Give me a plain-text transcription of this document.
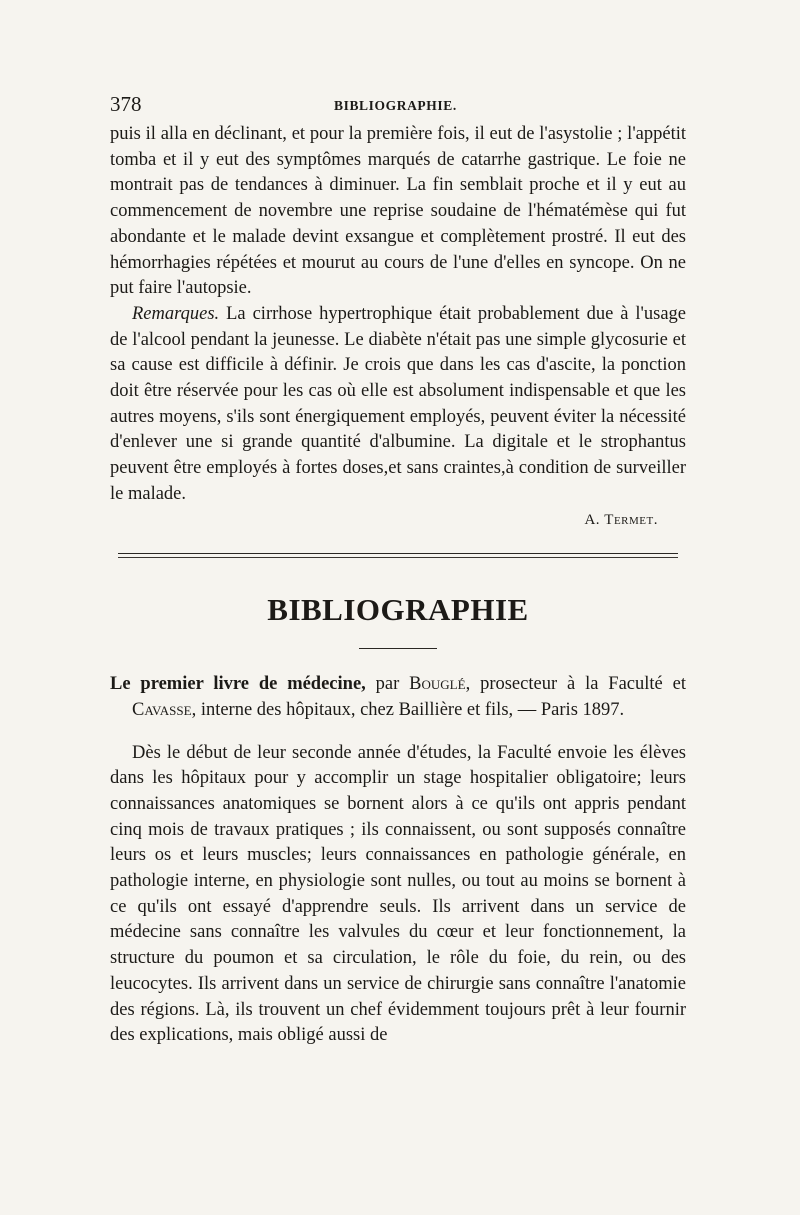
378	BIBLIOGRAPHIE.

puis il alla en déclinant, et pour la première fois, il eut de l'asystolie ; l'appétit tomba et il y eut des symptômes marqués de catarrhe gastrique. Le foie ne montrait pas de tendances à diminuer. La fin semblait proche et il y eut au commencement de novembre une reprise soudaine de l'hématémèse qui fut abondante et le malade devint exsangue et complètement prostré. Il eut des hémorrhagies répétées et mourut au cours de l'une d'elles en syncope. On ne put faire l'autopsie.

Remarques. La cirrhose hypertrophique était probablement due à l'usage de l'alcool pendant la jeunesse. Le diabète n'était pas une simple glycosurie et sa cause est difficile à définir. Je crois que dans les cas d'ascite, la ponction doit être réservée pour les cas où elle est absolument indispensable et que les autres moyens, s'ils sont énergiquement employés, peuvent éviter la nécessité d'enlever une si grande quantité d'albumine. La digitale et le strophantus peuvent être employés à fortes doses,et sans craintes,à condition de surveiller le malade.

A. Termet.
BIBLIOGRAPHIE

Le premier livre de médecine, par Bouglé, prosecteur à la Faculté et Cavasse, interne des hôpitaux, chez Baillière et fils, — Paris 1897.

Dès le début de leur seconde année d'études, la Faculté envoie les élèves dans les hôpitaux pour y accomplir un stage hospitalier obligatoire; leurs connaissances anatomiques se bornent alors à ce qu'ils ont appris pendant cinq mois de travaux pratiques ; ils connaissent, ou sont supposés connaître leurs os et leurs muscles; leurs connaissances en pathologie générale, en pathologie interne, en physiologie sont nulles, ou tout au moins se bornent à ce qu'ils ont essayé d'apprendre seuls. Ils arrivent dans un service de médecine sans connaître les valvules du cœur et leur fonctionnement, la structure du poumon et sa circulation, le rôle du foie, du rein, ou des leucocytes. Ils arrivent dans un service de chirurgie sans connaître l'anatomie des régions. Là, ils trouvent un chef évidemment toujours prêt à leur fournir des explications, mais obligé aussi de
